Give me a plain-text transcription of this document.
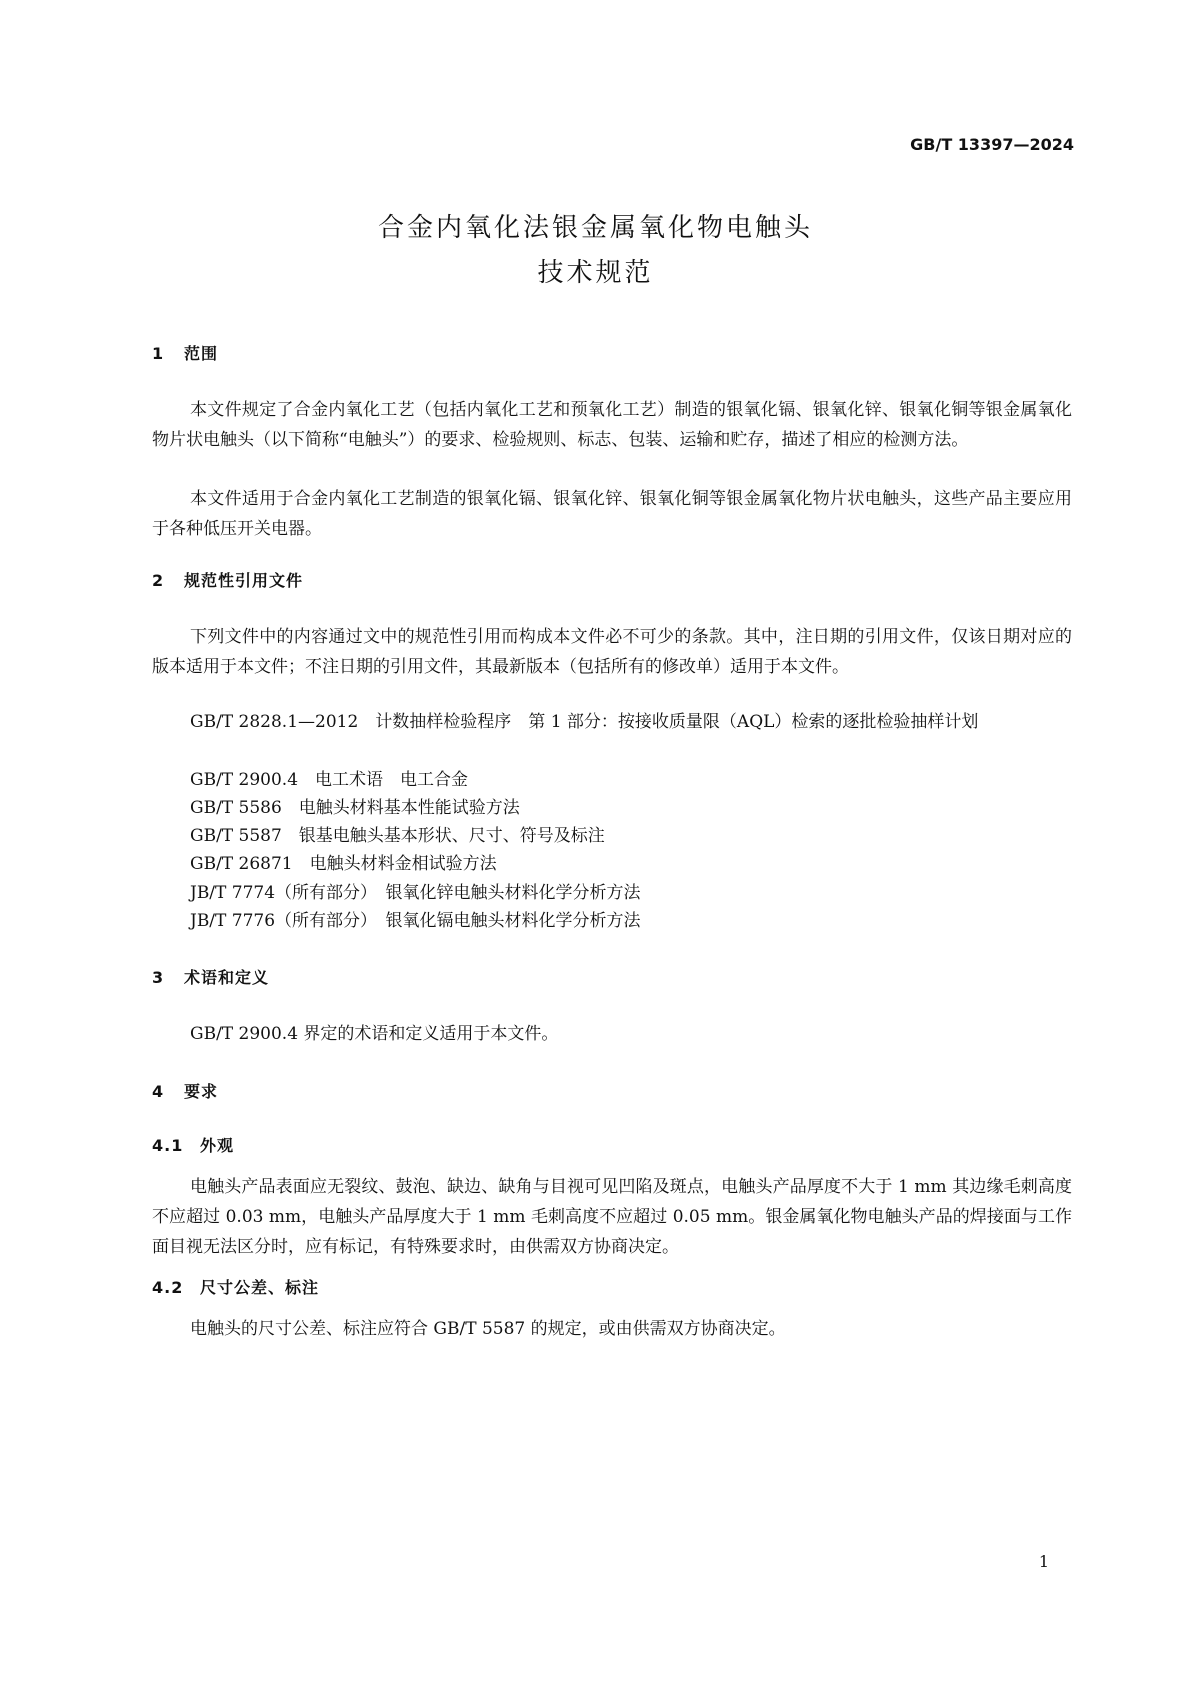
GB/T 13397—2024
合金内氧化法银金属氧化物电触头
技术规范
1 范围
本文件规定了合金内氧化工艺（包括内氧化工艺和预氧化工艺）制造的银氧化镉、银氧化锌、银氧化铜等银金属氧化物片状电触头（以下简称“电触头”）的要求、检验规则、标志、包装、运输和贮存，描述了相应的检测方法。
本文件适用于合金内氧化工艺制造的银氧化镉、银氧化锌、银氧化铜等银金属氧化物片状电触头，这些产品主要应用于各种低压开关电器。
2 规范性引用文件
下列文件中的内容通过文中的规范性引用而构成本文件必不可少的条款。其中，注日期的引用文件，仅该日期对应的版本适用于本文件；不注日期的引用文件，其最新版本（包括所有的修改单）适用于本文件。
GB/T 2828.1—2012　计数抽样检验程序　第 1 部分：按接收质量限（AQL）检索的逐批检验抽样计划
GB/T 2900.4　电工术语　电工合金
GB/T 5586　电触头材料基本性能试验方法
GB/T 5587　银基电触头基本形状、尺寸、符号及标注
GB/T 26871　电触头材料金相试验方法
JB/T 7774（所有部分）　银氧化锌电触头材料化学分析方法
JB/T 7776（所有部分）　银氧化镉电触头材料化学分析方法
3 术语和定义
GB/T 2900.4 界定的术语和定义适用于本文件。
4 要求
4.1 外观
电触头产品表面应无裂纹、鼓泡、缺边、缺角与目视可见凹陷及斑点，电触头产品厚度不大于 1 mm 其边缘毛刺高度不应超过 0.03 mm，电触头产品厚度大于 1 mm 毛刺高度不应超过 0.05 mm。银金属氧化物电触头产品的焊接面与工作面目视无法区分时，应有标记，有特殊要求时，由供需双方协商决定。
4.2 尺寸公差、标注
电触头的尺寸公差、标注应符合 GB/T 5587 的规定，或由供需双方协商决定。
1
